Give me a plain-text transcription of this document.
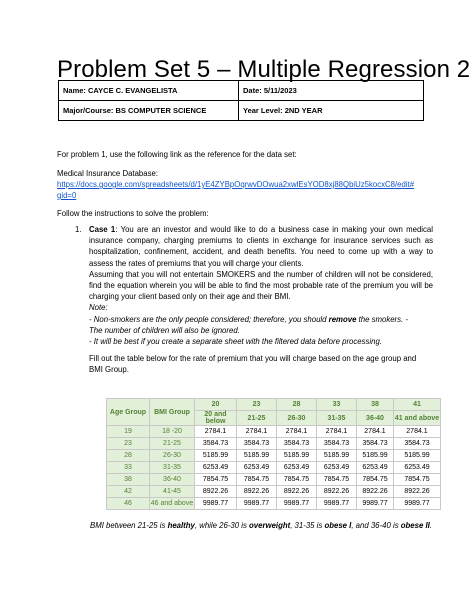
Problem Set 5 – Multiple Regression 2
Name: CAYCE C. EVANGELISTA	Date: 5/11/2023
Major/Course: BS COMPUTER SCIENCE	Year Level: 2ND YEAR
For problem 1, use the following link as the reference for the data set:
Medical Insurance Database:
https://docs.google.com/spreadsheets/d/1yE4ZYBpOqrwvDOwua2xwlEsYOD8xj88QbiUz5kocxC8/edit#
gid=0
Follow the instructions to solve the problem:
1. Case 1: You are an investor and would like to do a business case in making your own medical insurance company, charging premiums to clients in exchange for insurance services such as hospitalization, confinement, accident, and death benefits. You need to come up with a way to assess the rates of premiums that you will charge your clients.

Assuming that you will not entertain SMOKERS and the number of children will not be considered, find the equation wherein you will be able to find the most probable rate of the premium you will be charging your client based only on their age and their BMI.

Note:

- Non-smokers are the only people considered; therefore, you should remove the smokers. -

The number of children will also be ignored.

- It will be best if you create a separate sheet with the filtered data before processing.

Fill out the table below for the rate of premium that you will charge based on the age group and BMI Group.
Age Group	BMI Group	20	23	28	33	38	41
		20 and below	21-25	26-30	31-35	36-40	41 and above
19	18 -20	2784.1	2784.1	2784.1	2784.1	2784.1	2784.1
23	21-25	3584.73	3584.73	3584.73	3584.73	3584.73	3584.73
28	26-30	5185.99	5185.99	5185.99	5185.99	5185.99	5185.99
33	31-35	6253.49	6253.49	6253.49	6253.49	6253.49	6253.49
38	36-40	7854.75	7854.75	7854.75	7854.75	7854.75	7854.75
42	41-45	8922.26	8922.26	8922.26	8922.26	8922.26	8922.26
46	46 and above	9989.77	9989.77	9989.77	9989.77	9989.77	9989.77
BMI between 21-25 is healthy, while 26-30 is overweight, 31-35 is obese I, and 36-40 is obese II.
